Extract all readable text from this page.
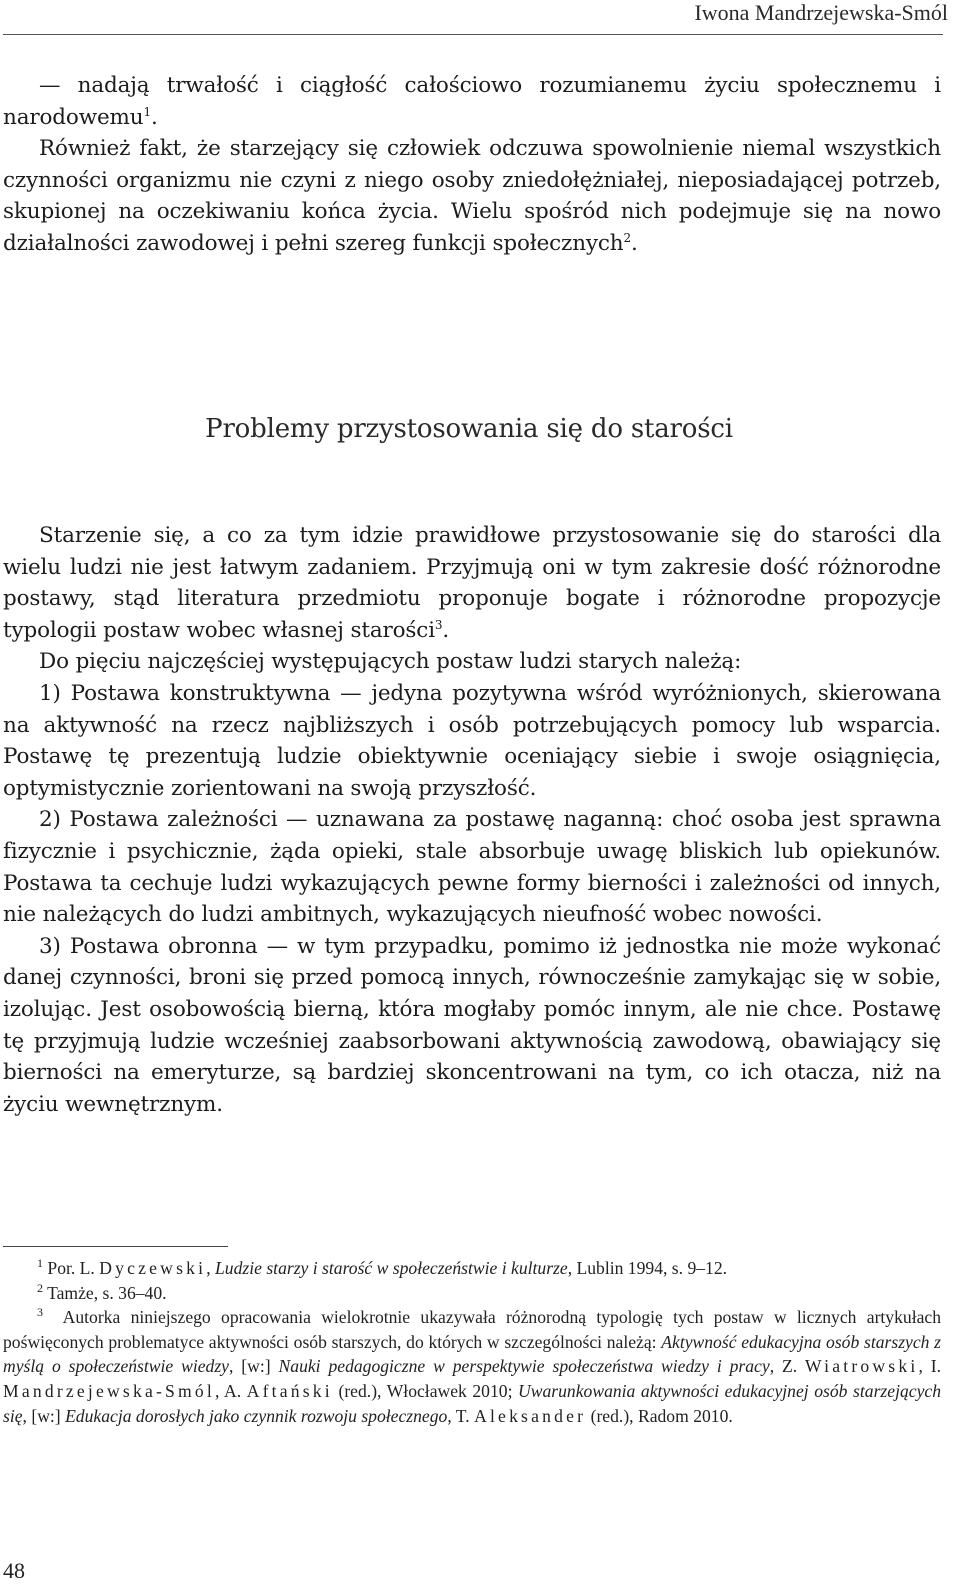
Iwona Mandrzejewska-Smól

— nadają trwałość i ciągłość całościowo rozumianemu życiu społecznemu i narodowemu$^1$.

Również fakt, że starzejący się człowiek odczuwa spowolnienie niemal wszystkich czynności organizmu nie czyni z niego osoby zniedołężniałej, nieposiadającej potrzeb, skupionej na oczekiwaniu końca życia. Wielu spośród nich podejmuje się na nowo działalności zawodowej i pełni szereg funkcji społecznych$^2$.

Problemy przystosowania się do starości

Starzenie się, a co za tym idzie prawidłowe przystosowanie się do starości dla wielu ludzi nie jest łatwym zadaniem. Przyjmują oni w tym zakresie dość różnorodne postawy, stąd literatura przedmiotu proponuje bogate i różnorodne propozycje typologii postaw wobec własnej starości$^3$.

Do pięciu najczęściej występujących postaw ludzi starych należą:

1) Postawa konstruktywna — jedyna pozytywna wśród wyróżnionych, skierowana na aktywność na rzecz najbliższych i osób potrzebujących pomocy lub wsparcia. Postawę tę prezentują ludzie obiektywnie oceniający siebie i swoje osiągnięcia, optymistycznie zorientowani na swoją przyszłość.

2) Postawa zależności — uznawana za postawę naganną: choć osoba jest sprawna fizycznie i psychicznie, żąda opieki, stale absorbuje uwagę bliskich lub opiekunów. Postawa ta cechuje ludzi wykazujących pewne formy bierności i zależności od innych, nie należących do ludzi ambitnych, wykazujących nieufność wobec nowości.

3) Postawa obronna — w tym przypadku, pomimo iż jednostka nie może wykonać danej czynności, broni się przed pomocą innych, równocześnie zamykając się w sobie, izolując. Jest osobowością bierną, która mogłaby pomóc innym, ale nie chce. Postawę tę przyjmują ludzie wcześniej zaabsorbowani aktywnością zawodową, obawiający się bierności na emeryturze, są bardziej skoncentrowani na tym, co ich otacza, niż na życiu wewnętrznym.

$^1$ Por. L. Dyczewski, Ludzie starzy i starość w społeczeństwie i kulturze, Lublin 1994, s. 9–12.

$^2$ Tamże, s. 36–40.

$^3$ Autorka niniejszego opracowania wielokrotnie ukazywała różnorodną typologię tych postaw w licznych artykułach poświęconych problematyce aktywności osób starszych, do których w szczególności należą: Aktywność edukacyjna osób starszych z myślą o społeczeństwie wiedzy, [w:] Nauki pedagogiczne w perspektywie społeczeństwa wiedzy i pracy, Z. Wiatrowski, I. Mandrzejewska-Smól, A. Aftański (red.), Włocławek 2010; Uwarunkowania aktywności edukacyjnej osób starzejących się, [w:] Edukacja dorosłych jako czynnik rozwoju społecznego, T. Aleksander (red.), Radom 2010.

48
